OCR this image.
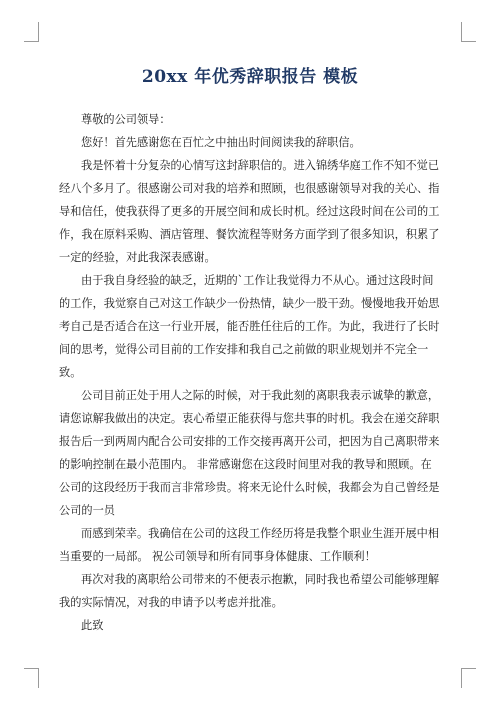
20xx 年优秀辞职报告 模板

尊敬的公司领导：

您好！首先感谢您在百忙之中抽出时间阅读我的辞职信。

我是怀着十分复杂的心情写这封辞职信的。进入锦绣华庭工作不知不觉已经八个多月了。很感谢公司对我的培养和照顾，也很感谢领导对我的关心、指导和信任，使我获得了更多的开展空间和成长时机。经过这段时间在公司的工作，我在原料采购、酒店管理、餐饮流程等财务方面学到了很多知识，积累了一定的经验，对此我深表感谢。

由于我自身经验的缺乏，近期的`工作让我觉得力不从心。通过这段时间的工作，我觉察自己对这工作缺少一份热情，缺少一股干劲。慢慢地我开始思考自己是否适合在这一行业开展，能否胜任往后的工作。为此，我进行了长时间的思考，觉得公司目前的工作安排和我自己之前做的职业规划并不完全一致。

公司目前正处于用人之际的时候，对于我此刻的离职我表示诚挚的歉意，请您谅解我做出的决定。衷心希望正能获得与您共事的时机。我会在递交辞职报告后一到两周内配合公司安排的工作交接再离开公司，把因为自己离职带来的影响控制在最小范围内。 非常感谢您在这段时间里对我的教导和照顾。在公司的这段经历于我而言非常珍贵。将来无论什么时候，我都会为自己曾经是公司的一员

而感到荣幸。我确信在公司的这段工作经历将是我整个职业生涯开展中相当重要的一局部。 祝公司领导和所有同事身体健康、工作顺利！

再次对我的离职给公司带来的不便表示抱歉，同时我也希望公司能够理解我的实际情况，对我的申请予以考虑并批准。

此致
